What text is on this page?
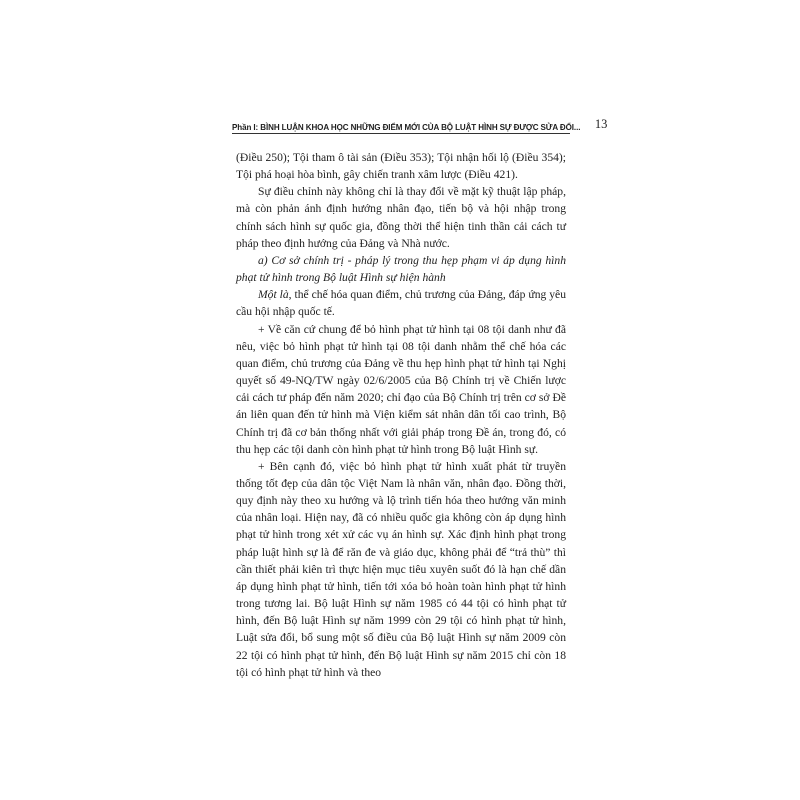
Phần I: BÌNH LUẬN KHOA HỌC NHỮNG ĐIỂM MỚI CỦA BỘ LUẬT HÌNH SỰ ĐƯỢC SỬA ĐỔI... 13

(Điều 250); Tội tham ô tài sản (Điều 353); Tội nhận hối lộ (Điều 354); Tội phá hoại hòa bình, gây chiến tranh xâm lược (Điều 421).

Sự điều chỉnh này không chỉ là thay đổi về mặt kỹ thuật lập pháp, mà còn phản ánh định hướng nhân đạo, tiến bộ và hội nhập trong chính sách hình sự quốc gia, đồng thời thể hiện tinh thần cải cách tư pháp theo định hướng của Đảng và Nhà nước.

a) Cơ sở chính trị - pháp lý trong thu hẹp phạm vi áp dụng hình phạt tử hình trong Bộ luật Hình sự hiện hành

Một là, thể chế hóa quan điểm, chủ trương của Đảng, đáp ứng yêu cầu hội nhập quốc tế.

+ Về căn cứ chung để bỏ hình phạt tử hình tại 08 tội danh như đã nêu, việc bỏ hình phạt tử hình tại 08 tội danh nhằm thể chế hóa các quan điểm, chủ trương của Đảng về thu hẹp hình phạt tử hình tại Nghị quyết số 49-NQ/TW ngày 02/6/2005 của Bộ Chính trị về Chiến lược cải cách tư pháp đến năm 2020; chỉ đạo của Bộ Chính trị trên cơ sở Đề án liên quan đến tử hình mà Viện kiểm sát nhân dân tối cao trình, Bộ Chính trị đã cơ bản thống nhất với giải pháp trong Đề án, trong đó, có thu hẹp các tội danh còn hình phạt tử hình trong Bộ luật Hình sự.

+ Bên cạnh đó, việc bỏ hình phạt tử hình xuất phát từ truyền thống tốt đẹp của dân tộc Việt Nam là nhân văn, nhân đạo. Đồng thời, quy định này theo xu hướng và lộ trình tiến hóa theo hướng văn minh của nhân loại. Hiện nay, đã có nhiều quốc gia không còn áp dụng hình phạt tử hình trong xét xử các vụ án hình sự. Xác định hình phạt trong pháp luật hình sự là để răn đe và giáo dục, không phải để “trả thù” thì cần thiết phải kiên trì thực hiện mục tiêu xuyên suốt đó là hạn chế dần áp dụng hình phạt tử hình, tiến tới xóa bỏ hoàn toàn hình phạt tử hình trong tương lai. Bộ luật Hình sự năm 1985 có 44 tội có hình phạt tử hình, đến Bộ luật Hình sự năm 1999 còn 29 tội có hình phạt tử hình, Luật sửa đổi, bổ sung một số điều của Bộ luật Hình sự năm 2009 còn 22 tội có hình phạt tử hình, đến Bộ luật Hình sự năm 2015 chỉ còn 18 tội có hình phạt tử hình và theo
